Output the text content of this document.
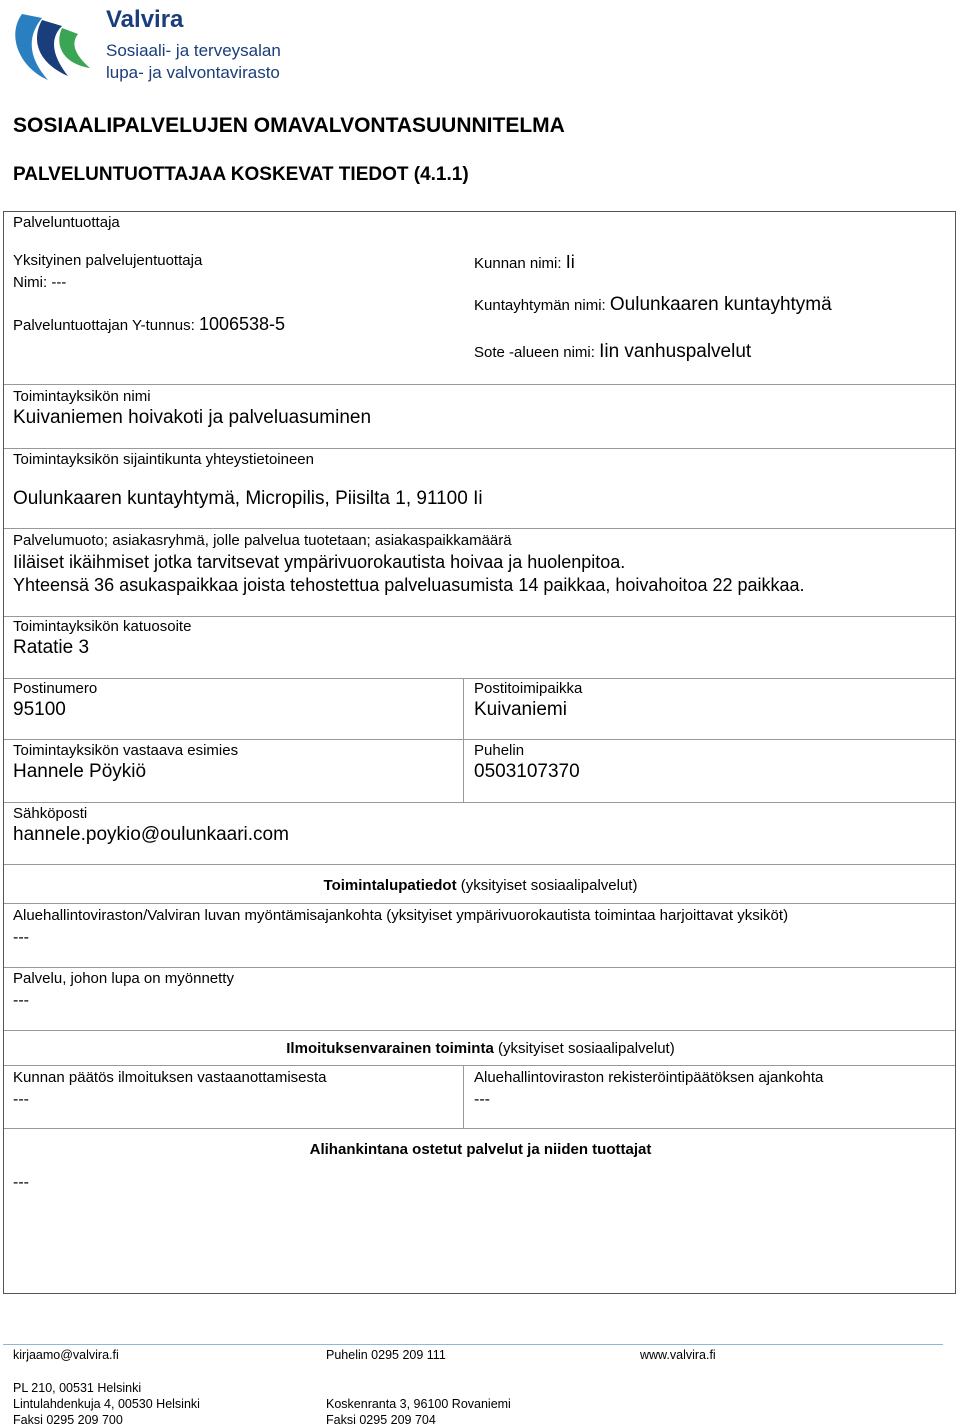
Valvira
Sosiaali- ja terveysalan
lupa- ja valvontavirasto
SOSIAALIPALVELUJEN OMAVALVONTASUUNNITELMA
PALVELUNTUOTTAJAA KOSKEVAT TIEDOT (4.1.1)
Palveluntuottaja
Yksityinen palvelujentuottaja
Nimi: ---
Palveluntuottajan Y-tunnus: 1006538-5
Kunnan nimi: Ii
Kuntayhtymän nimi: Oulunkaaren kuntayhtymä
Sote -alueen nimi: Iin vanhuspalvelut
Toimintayksikön nimi
Kuivaniemen hoivakoti ja palveluasuminen
Toimintayksikön sijaintikunta yhteystietoineen
Oulunkaaren kuntayhtymä, Micropilis, Piisilta 1, 91100 Ii
Palvelumuoto; asiakasryhmä, jolle palvelua tuotetaan; asiakaspaikkamäärä
Iiläiset ikäihmiset jotka tarvitsevat ympärivuorokautista hoivaa ja huolenpitoa.
Yhteensä 36 asukaspaikkaa joista tehostettua palveluasumista 14 paikkaa, hoivahoitoa 22 paikkaa.
Toimintayksikön katuosoite
Ratatie 3
Postinumero
95100
Postitoimipaikka
Kuivaniemi
Toimintayksikön vastaava esimies
Hannele Pöykiö
Puhelin
0503107370
Sähköposti
hannele.poykio@oulunkaari.com
Toimintalupatiedot (yksityiset sosiaalipalvelut)
Aluehallintoviraston/Valviran luvan myöntämisajankohta (yksityiset ympärivuorokautista toimintaa harjoittavat yksiköt)
---
Palvelu, johon lupa on myönnetty
---
Ilmoituksenvarainen toiminta (yksityiset sosiaalipalvelut)
Kunnan päätös ilmoituksen vastaanottamisesta
---
Aluehallintoviraston rekisteröintipäätöksen ajankohta
---
Alihankintana ostetut palvelut ja niiden tuottajat
---
kirjaamo@valvira.fi	Puhelin 0295 209 111	www.valvira.fi
PL 210, 00531 Helsinki
Lintulahdenkuja 4, 00530 Helsinki
Faksi 0295 209 700
Koskenranta 3, 96100 Rovaniemi
Faksi 0295 209 704
